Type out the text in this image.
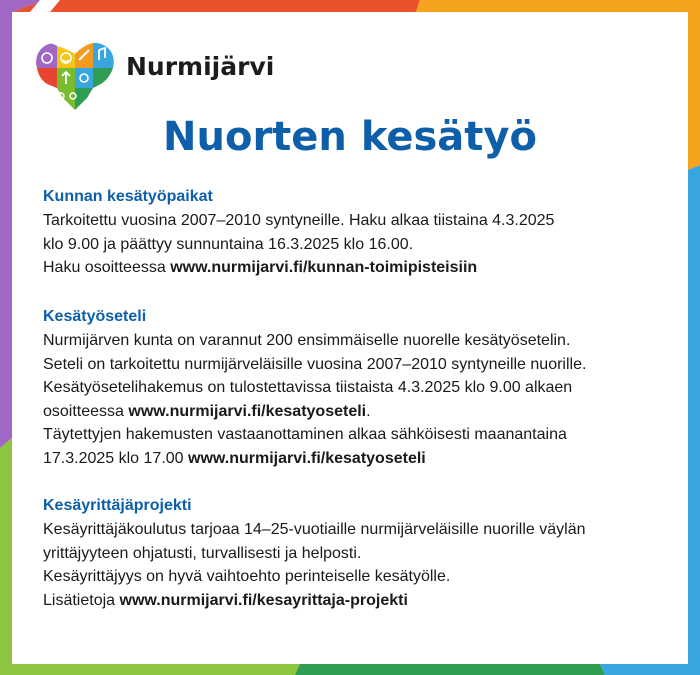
Nurmijärvi

Nuorten kesätyö

Kunnan kesätyöpaikat

Tarkoitettu vuosina 2007–2010 syntyneille. Haku alkaa tiistaina 4.3.2025

klo 9.00 ja päättyy sunnuntaina 16.3.2025 klo 16.00.

Haku osoitteessa www.nurmijarvi.fi/kunnan-toimipisteisiin

Kesätyöseteli

Nurmijärven kunta on varannut 200 ensimmäiselle nuorelle kesätyösetelin.

Seteli on tarkoitettu nurmijärveläisille vuosina 2007–2010 syntyneille nuorille.

Kesätyösetelihakemus on tulostettavissa tiistaista 4.3.2025 klo 9.00 alkaen

osoitteessa www.nurmijarvi.fi/kesatyoseteli.

Täytettyjen hakemusten vastaanottaminen alkaa sähköisesti maanantaina

17.3.2025 klo 17.00 www.nurmijarvi.fi/kesatyoseteli

Kesäyrittäjäprojekti

Kesäyrittäjäkoulutus tarjoaa 14–25-vuotiaille nurmijärveläisille nuorille väylän

yrittäjyyteen ohjatusti, turvallisesti ja helposti.

Kesäyrittäjyys on hyvä vaihtoehto perinteiselle kesätyölle.

Lisätietoja www.nurmijarvi.fi/kesayrittaja-projekti
